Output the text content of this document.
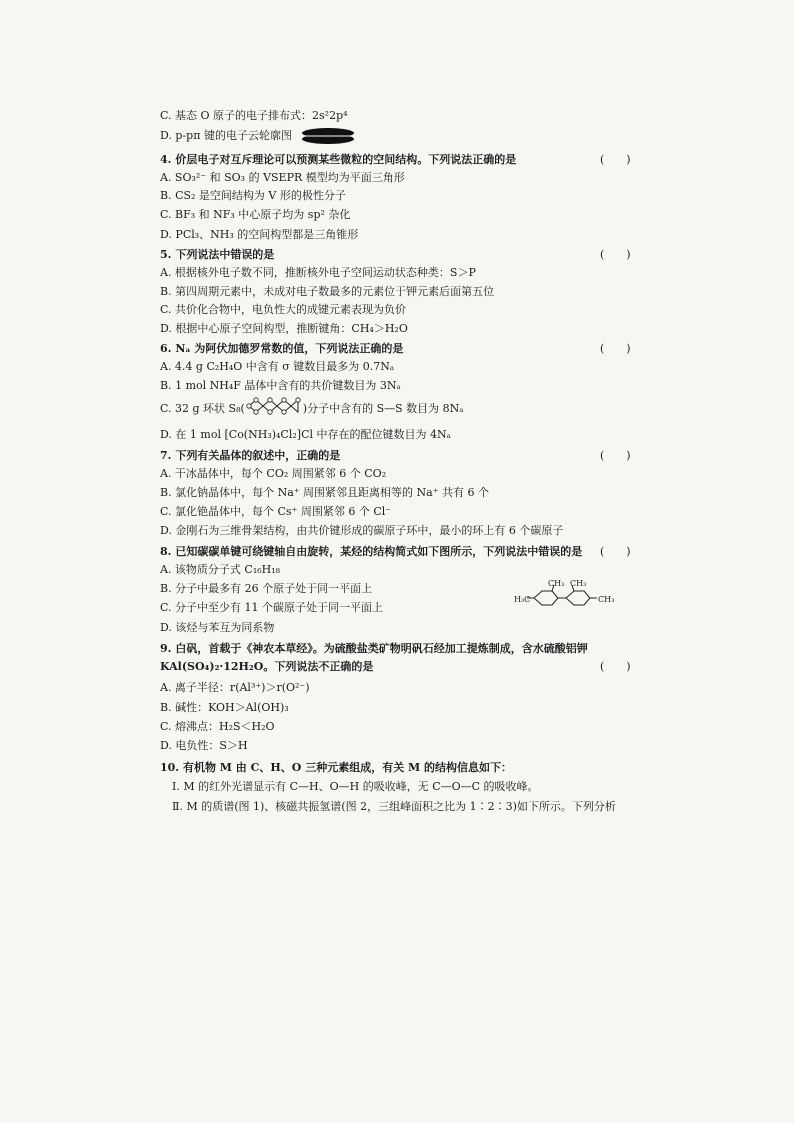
C. 基态 O 原子的电子排布式：2s²2p⁴
D. p-pπ 键的电子云轮廓图
4. 价层电子对互斥理论可以预测某些微粒的空间结构。下列说法正确的是	(　　)
A. SO₃²⁻ 和 SO₃ 的 VSEPR 模型均为平面三角形
B. CS₂ 是空间结构为 V 形的极性分子
C. BF₃ 和 NF₃ 中心原子均为 sp² 杂化
D. PCl₃、NH₃ 的空间构型都是三角锥形
5. 下列说法中错误的是	(　　)
A. 根据核外电子数不同，推断核外电子空间运动状态种类：S＞P
B. 第四周期元素中，未成对电子数最多的元素位于钾元素后面第五位
C. 共价化合物中，电负性大的成键元素表现为负价
D. 根据中心原子空间构型，推断键角：CH₄＞H₂O
6. Nₐ 为阿伏加德罗常数的值，下列说法正确的是	(　　)
A. 4.4 g C₂H₄O 中含有 σ 键数目最多为 0.7Nₐ
B. 1 mol NH₄F 晶体中含有的共价键数目为 3Nₐ
C. 32 g 环状 S₈(	)分子中含有的 S—S 数目为 8Nₐ
D. 在 1 mol [Co(NH₃)₄Cl₂]Cl 中存在的配位键数目为 4Nₐ
7. 下列有关晶体的叙述中，正确的是	(　　)
A. 干冰晶体中，每个 CO₂ 周围紧邻 6 个 CO₂
B. 氯化钠晶体中，每个 Na⁺ 周围紧邻且距离相等的 Na⁺ 共有 6 个
C. 氯化铯晶体中，每个 Cs⁺ 周围紧邻 6 个 Cl⁻
D. 金刚石为三维骨架结构，由共价键形成的碳原子环中，最小的环上有 6 个碳原子
8. 已知碳碳单键可绕键轴自由旋转，某烃的结构简式如下图所示，下列说法中错误的是	(　　)
A. 该物质分子式 C₁₆H₁₈
B. 分子中最多有 26 个原子处于同一平面上
C. 分子中至少有 11 个碳原子处于同一平面上
D. 该烃与苯互为同系物
H₃C	CH₃
CH₃ CH₃
9. 白矾，首载于《神农本草经》。为硫酸盐类矿物明矾石经加工提炼制成，含水硫酸铝钾
KAl(SO₄)₂·12H₂O。下列说法不正确的是	(　　)
A. 离子半径：r(Al³⁺)＞r(O²⁻)
B. 碱性：KOH＞Al(OH)₃
C. 熔沸点：H₂S＜H₂O
D. 电负性：S＞H
10. 有机物 M 由 C、H、O 三种元素组成，有关 M 的结构信息如下：
Ⅰ. M 的红外光谱显示有 C—H、O—H 的吸收峰，无 C—O—C 的吸收峰。
Ⅱ. M 的质谱(图 1)、核磁共振氢谱(图 2，三组峰面积之比为 1∶2∶3)如下所示。下列分析
